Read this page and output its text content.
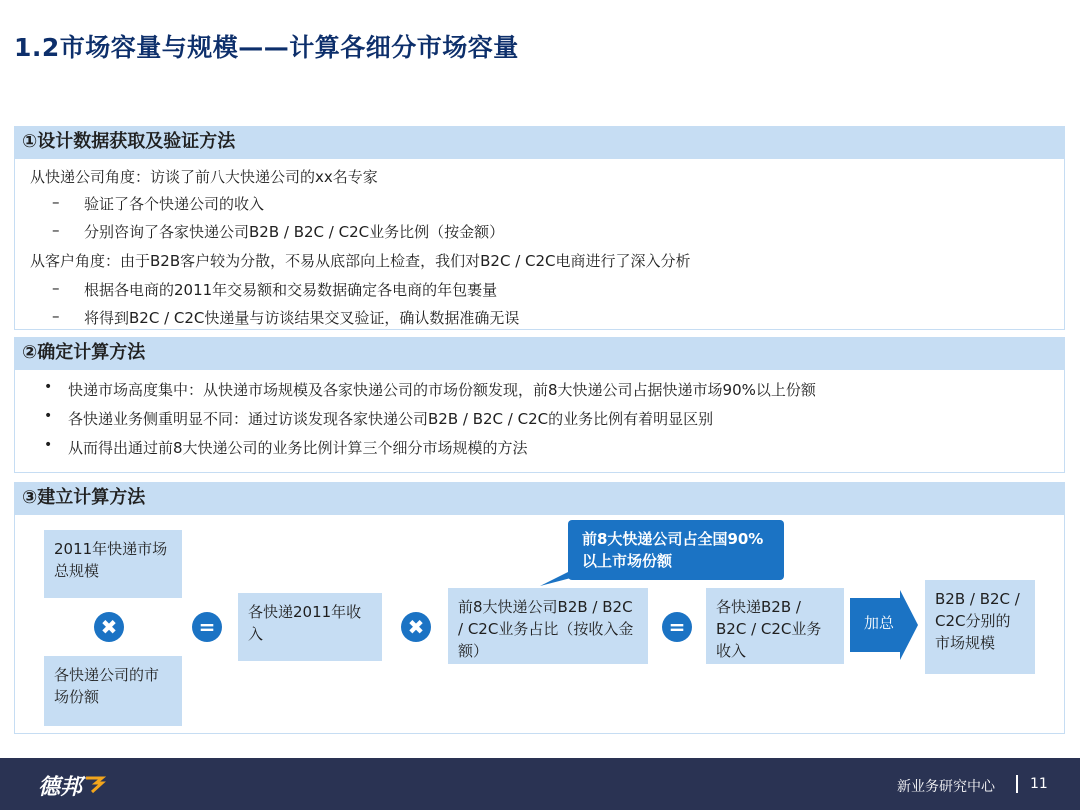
1.2市场容量与规模——计算各细分市场容量
①设计数据获取及验证方法
从快递公司角度：访谈了前八大快递公司的xx名专家
– 验证了各个快递公司的收入
– 分别咨询了各家快递公司B2B / B2C / C2C业务比例（按金额）
从客户角度：由于B2B客户较为分散，不易从底部向上检查，我们对B2C / C2C电商进行了深入分析
– 根据各电商的2011年交易额和交易数据确定各电商的年包裹量
– 将得到B2C / C2C快递量与访谈结果交叉验证，确认数据准确无误
②确定计算方法
• 快递市场高度集中：从快递市场规模及各家快递公司的市场份额发现，前8大快递公司占据快递市场90%以上份额
• 各快递业务侧重明显不同：通过访谈发现各家快递公司B2B / B2C / C2C的业务比例有着明显区别
• 从而得出通过前8大快递公司的业务比例计算三个细分市场规模的方法
③建立计算方法
2011年快递市场总规模
✖
各快递公司的市场份额
=
各快递2011年收入	✖
前8大快递公司占全国90%以上市场份额
前8大快递公司B2B / B2C / C2C业务占比（按收入金额）
=
各快递B2B / B2C / C2C业务收入
加总
B2B / B2C / C2C分别的市场规模
德邦	新业务研究中心	11
